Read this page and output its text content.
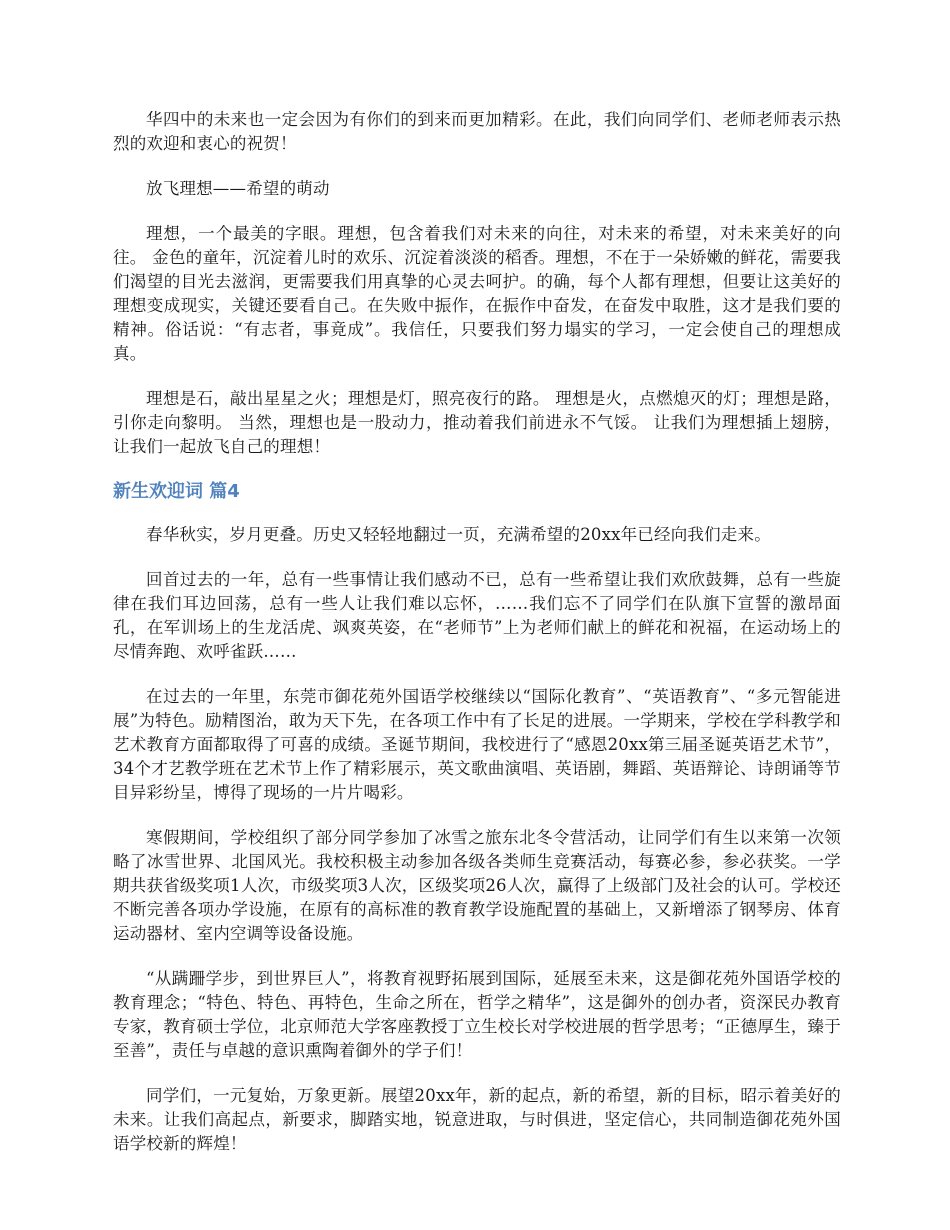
华四中的未来也一定会因为有你们的到来而更加精彩。在此，我们向同学们、老师老师表示热烈的欢迎和衷心的祝贺！

放飞理想——希望的萌动

理想，一个最美的字眼。理想，包含着我们对未来的向往，对未来的希望，对未来美好的向往。 金色的童年，沉淀着儿时的欢乐、沉淀着淡淡的稻香。理想，不在于一朵娇嫩的鲜花，需要我们渴望的目光去滋润，更需要我们用真挚的心灵去呵护。的确，每个人都有理想，但要让这美好的理想变成现实，关键还要看自己。在失败中振作，在振作中奋发，在奋发中取胜，这才是我们要的精神。俗话说：“有志者，事竟成”。我信任，只要我们努力塌实的学习，一定会使自己的理想成真。

理想是石，敲出星星之火；理想是灯，照亮夜行的路。 理想是火，点燃熄灭的灯；理想是路，引你走向黎明。 当然，理想也是一股动力，推动着我们前进永不气馁。 让我们为理想插上翅膀，让我们一起放飞自己的理想！

新生欢迎词 篇4

春华秋实，岁月更叠。历史又轻轻地翻过一页，充满希望的20xx年已经向我们走来。

回首过去的一年，总有一些事情让我们感动不已，总有一些希望让我们欢欣鼓舞，总有一些旋律在我们耳边回荡，总有一些人让我们难以忘怀，……我们忘不了同学们在队旗下宣誓的激昂面孔，在军训场上的生龙活虎、飒爽英姿，在“老师节”上为老师们献上的鲜花和祝福，在运动场上的尽情奔跑、欢呼雀跃……

在过去的一年里，东莞市御花苑外国语学校继续以“国际化教育”、“英语教育”、“多元智能进展”为特色。励精图治，敢为天下先，在各项工作中有了长足的进展。一学期来，学校在学科教学和艺术教育方面都取得了可喜的成绩。圣诞节期间，我校进行了“感恩20xx第三届圣诞英语艺术节”，34个才艺教学班在艺术节上作了精彩展示，英文歌曲演唱、英语剧，舞蹈、英语辩论、诗朗诵等节目异彩纷呈，博得了现场的一片片喝彩。

寒假期间，学校组织了部分同学参加了冰雪之旅东北冬令营活动，让同学们有生以来第一次领略了冰雪世界、北国风光。我校积极主动参加各级各类师生竞赛活动，每赛必参，参必获奖。一学期共获省级奖项1人次，市级奖项3人次，区级奖项26人次，赢得了上级部门及社会的认可。学校还不断完善各项办学设施，在原有的高标准的教育教学设施配置的基础上，又新增添了钢琴房、体育运动器材、室内空调等设备设施。

“从蹒跚学步，到世界巨人”，将教育视野拓展到国际，延展至未来，这是御花苑外国语学校的教育理念；“特色、特色、再特色，生命之所在，哲学之精华”，这是御外的创办者，资深民办教育专家，教育硕士学位，北京师范大学客座教授丁立生校长对学校进展的哲学思考；“正德厚生，臻于至善”，责任与卓越的意识熏陶着御外的学子们！

同学们，一元复始，万象更新。展望20xx年，新的起点，新的希望，新的目标，昭示着美好的未来。让我们高起点，新要求，脚踏实地，锐意进取，与时俱进，坚定信心，共同制造御花苑外国语学校新的辉煌！
